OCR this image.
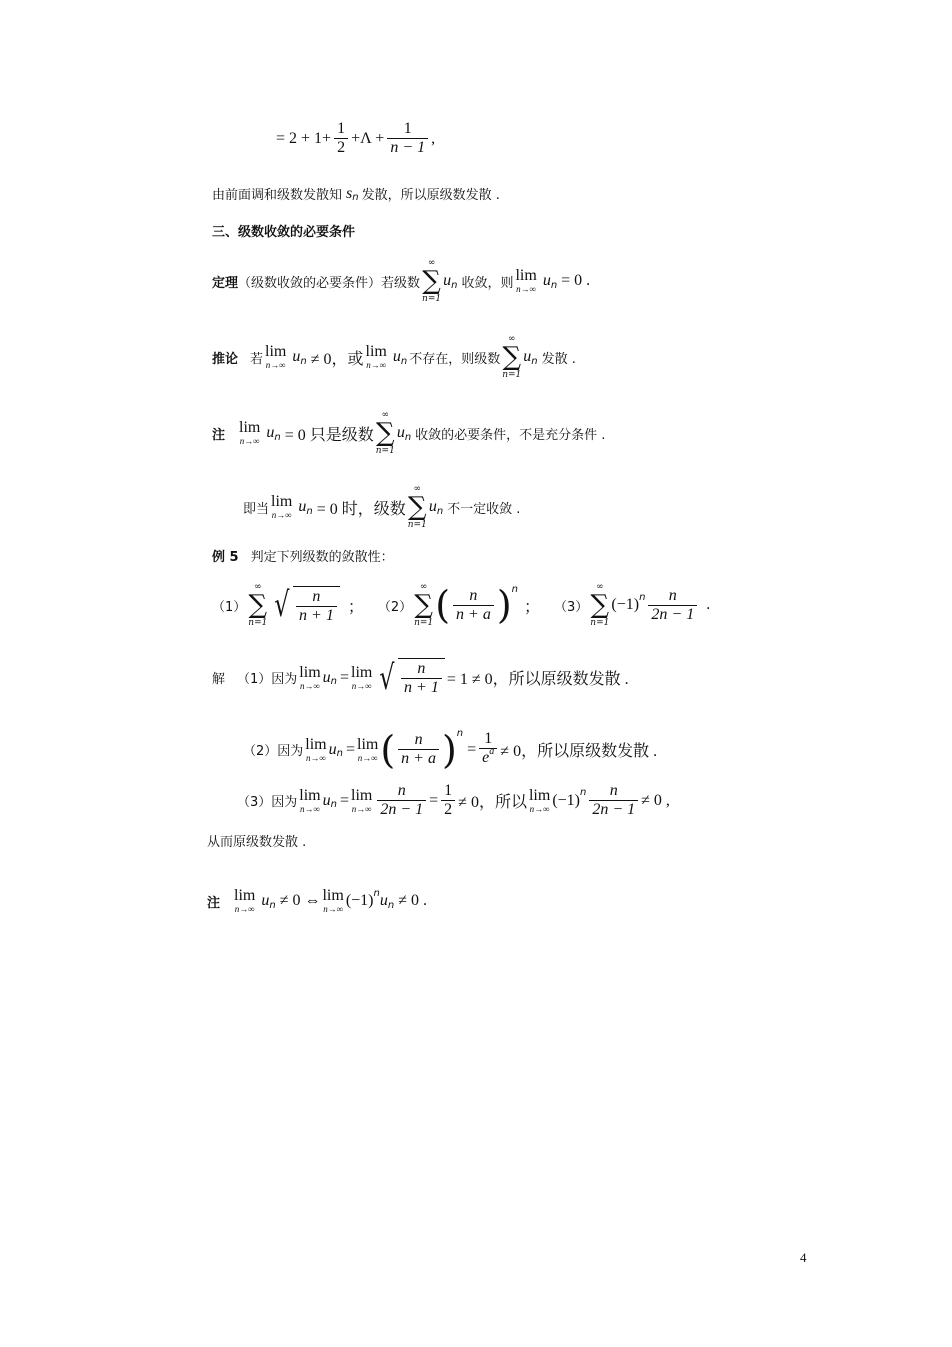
= $2 + 1+ \frac{1}{2} +\Lambda + \frac{1}{n - 1}$ ,
由前面调和级数发散知 s n 发散，所以原级数发散 .
三、级数收敛的必要条件
定理 （级数收敛的必要条件）若级数
∞
∑
n=1
u n 收敛，则 lim
n→∞ u n = 0 .
推论 若 lim
n→∞ u n ≠ 0，或 lim
n→∞ u n 不存在，则级数
∞
∑
n=1
u n 发散 .
注 lim
n→∞ u n = 0 只是级数
∞
∑
n=1
u n 收敛的必要条件，不是充分条件 .
即当 lim
n→∞ u n = 0 时，级数
∞
∑
n=1
u n 不一定收敛 .
例 5 判定下列级数的敛散性：
（1）
∞
∑
n=1 √ $\frac{n}{n + 1}$ ； （2）
∞
∑
n=1 ( $\frac{n}{n + a}$ ) n
； （3）
∞
∑
n=1
(−1) n $\frac{n}{2n - 1}$ .
解 （1）因为 lim
n→∞ u n = lim
n→∞ √ $\frac{n}{n + 1} = 1 \ne 0$，所以原级数发散 .
（2）因为 lim
n→∞ u n = lim
n→∞ ( $\frac{n}{n + a}$ ) n
= $\frac{1}{e^a} \ne 0$，所以原级数发散 .
（3）因为 lim
n→∞ u n = lim
$n\to\infty \frac{n}{2n - 1} = \frac{1}{2} \ne 0$，所以 lim
n→∞ (−1) n $\frac{n}{2n - 1} \ne 0$ ,
从而原级数发散 .
注 lim
n→∞ u n ≠ 0 ⇔ lim
n→∞ (−1) n u n ≠ 0 .
4
